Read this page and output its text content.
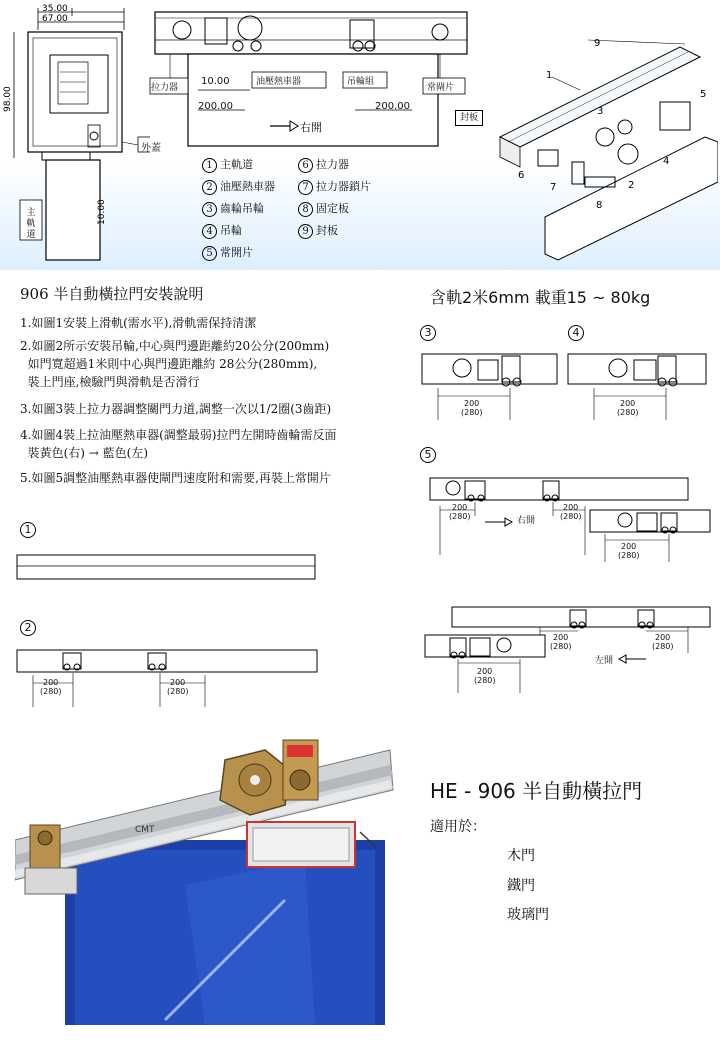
35.00
67.00
98.00
主
軌
道
10.00
外蓋
拉力器
10.00	油壓熱車器	吊輪組
常閘片
200.00	200.00
右開
1 主軌道	6 拉力器
2 油壓熱車器	7 拉力器鎖片
3 齒輪吊輪	8 固定板
4 吊輪	9 封板
5 常開片
9
1
5
3
4
6
7	2
8
封板
906 半自動橫拉門安裝說明	含軌2米6mm 載重15 ~ 80kg
1.如圖1安裝上滑軌(需水平),滑軌需保持清潔
2.如圖2所示安裝吊輪,中心與門邊距離約20公分(200mm)
如門寬超過1米則中心與門邊距離約 28公分(280mm),
裝上門座,檢驗門與滑軌是否滑行
3.如圖3裝上拉力器調整關門力道,調整一次以1/2圈(3齒距)
4.如圖4裝上拉油壓熱車器(調整最弱)拉門左開時齒輪需反面
裝黃色(右) → 藍色(左)
5.如圖5調整油壓熱車器使閘門速度附和需要,再裝上常開片
1
2
200
(280)
200
(280)
3
200
(280)
4
200
(280)
5
200
(280)	右開
200
(280)
200
(280)
200
(280)
200
(280)
左開
200
(280)
CMT
HE - 906 半自動橫拉門
適用於：
木門
鐵門
玻璃門
